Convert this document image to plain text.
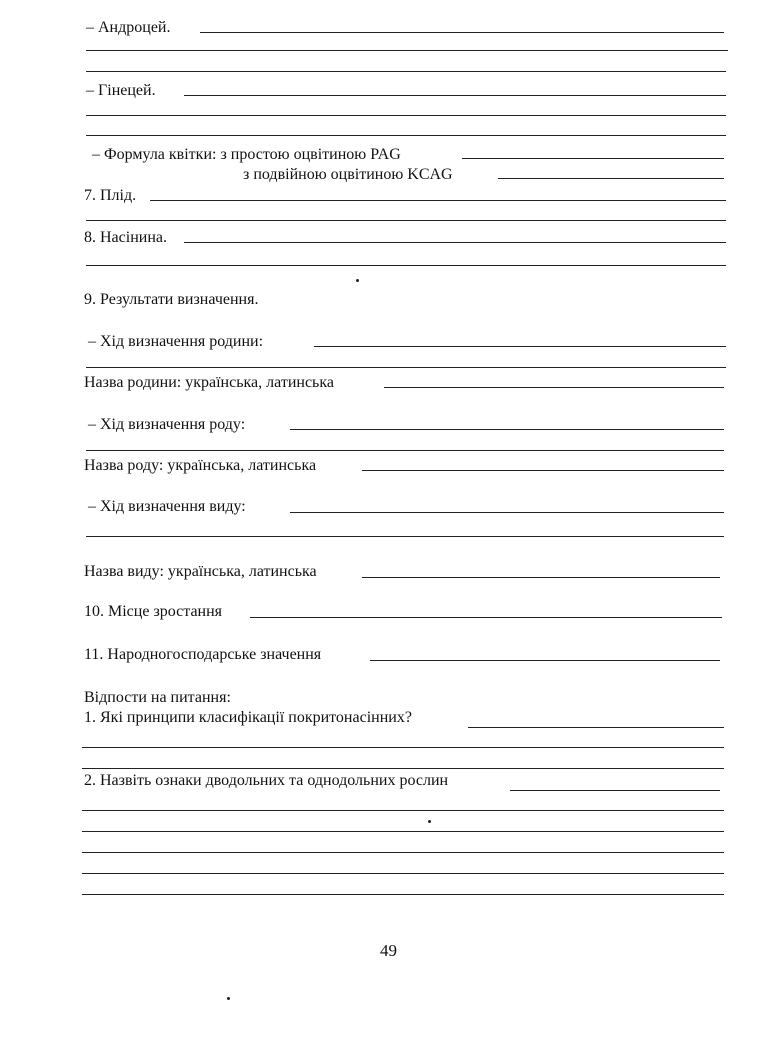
– Андроцей.
– Гінецей.
– Формула квітки: з простою оцвітиною PAG
з подвійною оцвітиною KCAG
7. Плід.
8. Насінина.
9. Результати визначення.
– Хід визначення родини:
Назва родини: українська, латинська
– Хід визначення роду:
Назва роду: українська, латинська
– Хід визначення виду:
Назва виду: українська, латинська
10. Місце зростання
11. Народногосподарське значення
Відпости на питання:
1. Які принципи класифікації покритонасінних?
2. Назвіть ознаки дводольних та однодольних рослин
49
